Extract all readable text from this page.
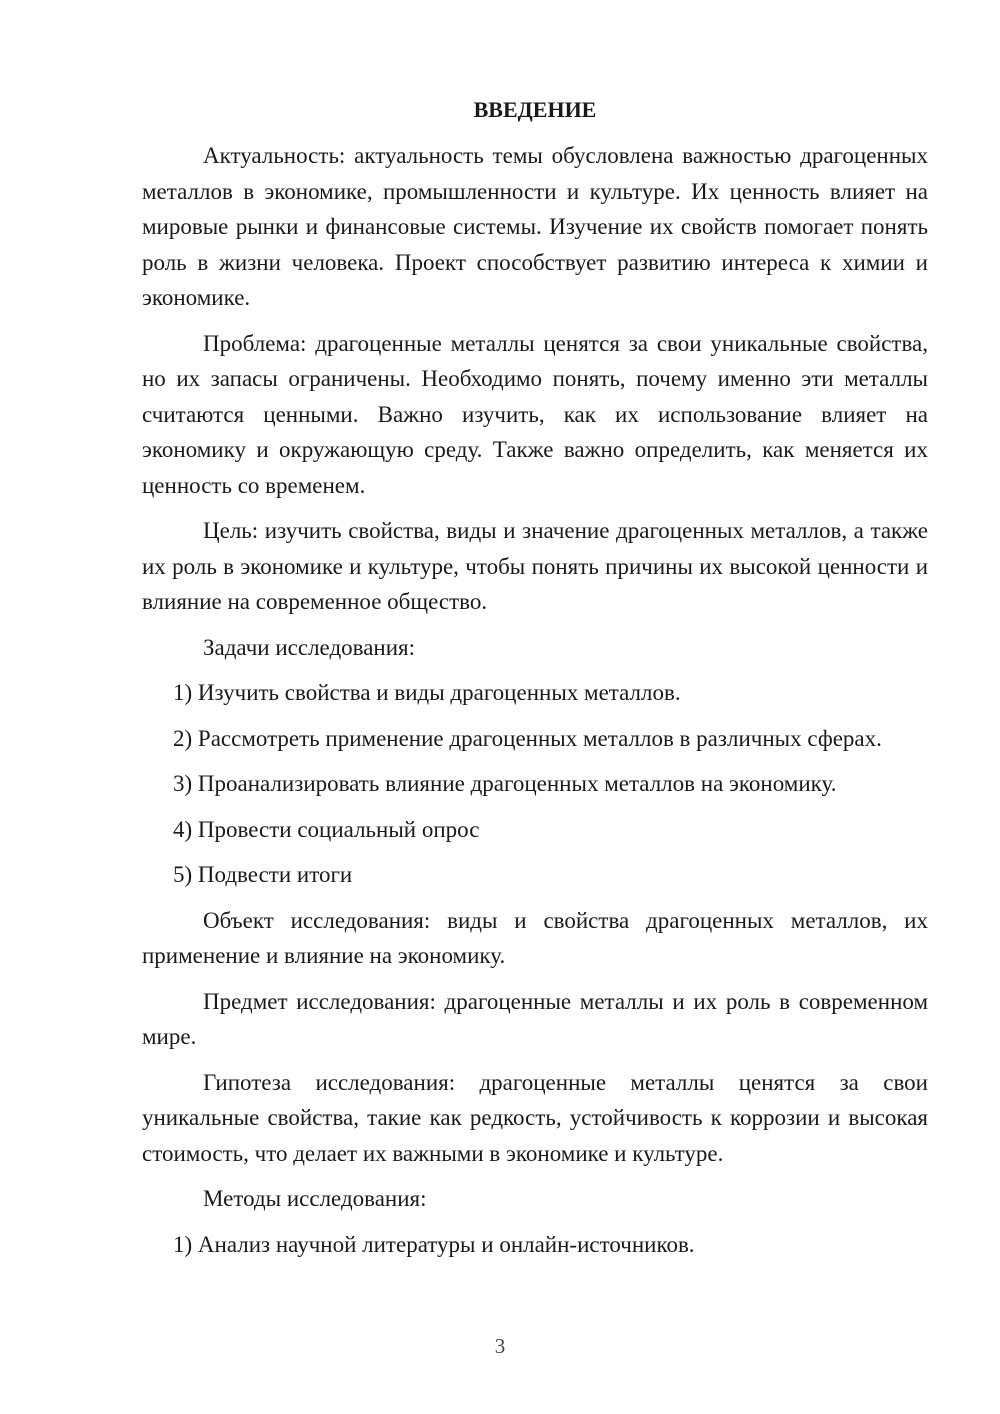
ВВЕДЕНИЕ

Актуальность: актуальность темы обусловлена важностью драгоценных металлов в экономике, промышленности и культуре. Их ценность влияет на мировые рынки и финансовые системы. Изучение их свойств помогает понять роль в жизни человека. Проект способствует развитию интереса к химии и экономике.

Проблема: драгоценные металлы ценятся за свои уникальные свойства, но их запасы ограничены. Необходимо понять, почему именно эти металлы считаются ценными. Важно изучить, как их использование влияет на экономику и окружающую среду. Также важно определить, как меняется их ценность со временем.

Цель: изучить свойства, виды и значение драгоценных металлов, а также их роль в экономике и культуре, чтобы понять причины их высокой ценности и влияние на современное общество.

Задачи исследования:

1) Изучить свойства и виды драгоценных металлов.

2) Рассмотреть применение драгоценных металлов в различных сферах.

3) Проанализировать влияние драгоценных металлов на экономику.

4) Провести социальный опрос

5) Подвести итоги

Объект исследования: виды и свойства драгоценных металлов, их применение и влияние на экономику.

Предмет исследования: драгоценные металлы и их роль в современном мире.

Гипотеза исследования: драгоценные металлы ценятся за свои уникальные свойства, такие как редкость, устойчивость к коррозии и высокая стоимость, что делает их важными в экономике и культуре.

Методы исследования:

1) Анализ научной литературы и онлайн-источников.

3
